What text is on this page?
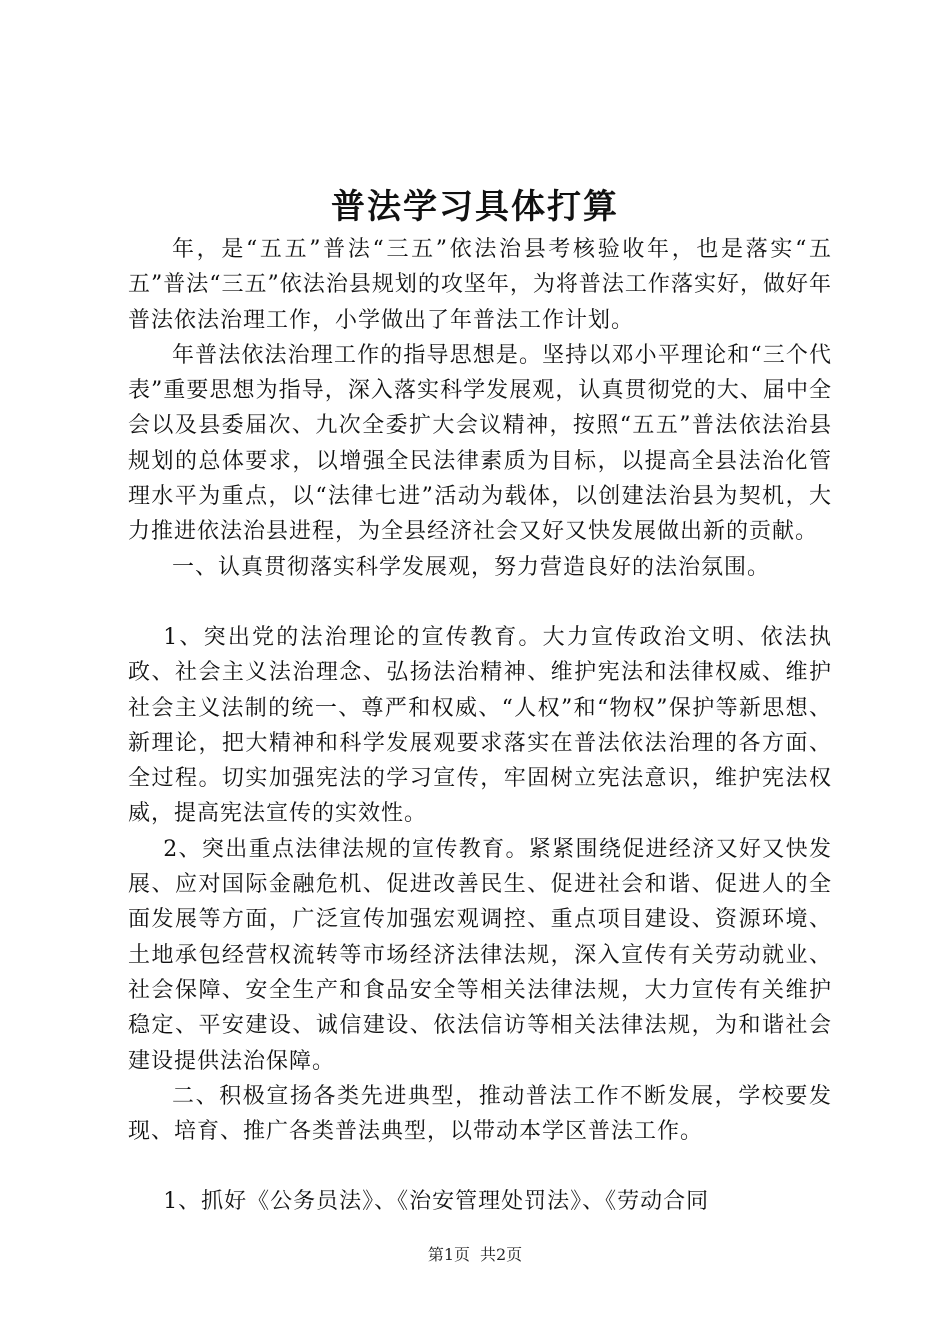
普法学习具体打算

年，是“五五”普法“三五”依法治县考核验收年，也是落实“五五”普法“三五”依法治县规划的攻坚年，为将普法工作落实好，做好年普法依法治理工作，小学做出了年普法工作计划。

年普法依法治理工作的指导思想是。坚持以邓小平理论和“三个代表”重要思想为指导，深入落实科学发展观，认真贯彻党的大、届中全会以及县委届次、九次全委扩大会议精神，按照“五五”普法依法治县规划的总体要求，以增强全民法律素质为目标，以提高全县法治化管理水平为重点，以“法律七进”活动为载体，以创建法治县为契机，大力推进依法治县进程，为全县经济社会又好又快发展做出新的贡献。

一、认真贯彻落实科学发展观，努力营造良好的法治氛围。

1、突出党的法治理论的宣传教育。大力宣传政治文明、依法执政、社会主义法治理念、弘扬法治精神、维护宪法和法律权威、维护社会主义法制的统一、尊严和权威、“人权”和“物权”保护等新思想、新理论，把大精神和科学发展观要求落实在普法依法治理的各方面、全过程。切实加强宪法的学习宣传，牢固树立宪法意识，维护宪法权威，提高宪法宣传的实效性。

2、突出重点法律法规的宣传教育。紧紧围绕促进经济又好又快发展、应对国际金融危机、促进改善民生、促进社会和谐、促进人的全面发展等方面，广泛宣传加强宏观调控、重点项目建设、资源环境、土地承包经营权流转等市场经济法律法规，深入宣传有关劳动就业、社会保障、安全生产和食品安全等相关法律法规，大力宣传有关维护稳定、平安建设、诚信建设、依法信访等相关法律法规，为和谐社会建设提供法治保障。

二、积极宣扬各类先进典型，推动普法工作不断发展，学校要发现、培育、推广各类普法典型，以带动本学区普法工作。

1、抓好《公务员法》、《治安管理处罚法》、《劳动合同

第1页 共2页
